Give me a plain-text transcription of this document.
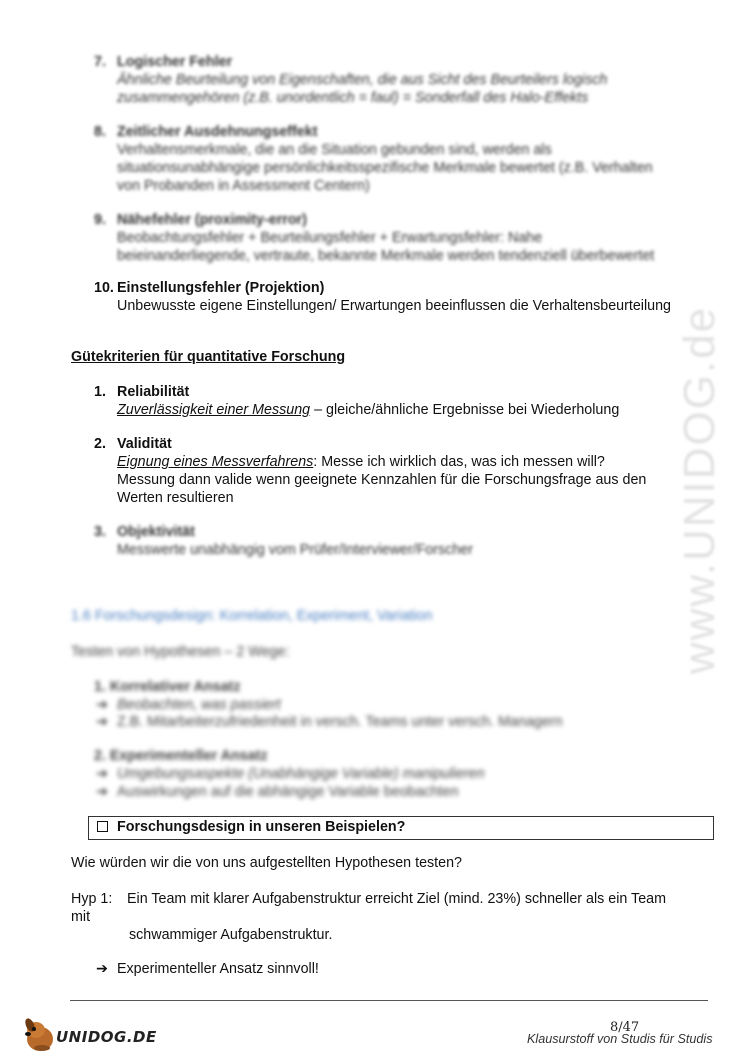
www.UNIDOG.de
7. Logischer Fehler
Ähnliche Beurteilung von Eigenschaften, die aus Sicht des Beurteilers logisch
zusammengehören (z.B. unordentlich = faul) = Sonderfall des Halo-Effekts
8. Zeitlicher Ausdehnungseffekt
Verhaltensmerkmale, die an die Situation gebunden sind, werden als
situationsunabhängige persönlichkeitsspezifische Merkmale bewertet (z.B. Verhalten
von Probanden in Assessment Centern)
9. Nähefehler (proximity-error)
Beobachtungsfehler + Beurteilungsfehler + Erwartungsfehler: Nahe
beieinanderliegende, vertraute, bekannte Merkmale werden tendenziell überbewertet
10. Einstellungsfehler (Projektion)
Unbewusste eigene Einstellungen/ Erwartungen beeinflussen die Verhaltensbeurteilung
Gütekriterien für quantitative Forschung
1. Reliabilität
Zuverlässigkeit einer Messung – gleiche/ähnliche Ergebnisse bei Wiederholung
2. Validität
Eignung eines Messverfahrens: Messe ich wirklich das, was ich messen will?
Messung dann valide wenn geeignete Kennzahlen für die Forschungsfrage aus den
Werten resultieren
3. Objektivität
Messwerte unabhängig vom Prüfer/Interviewer/Forscher
1.6 Forschungsdesign: Korrelation, Experiment, Variation
Testen von Hypothesen – 2 Wege:
1. Korrelativer Ansatz
➔ Beobachten, was passiert
➔ Z.B. Mitarbeiterzufriedenheit in versch. Teams unter versch. Managern
2. Experimenteller Ansatz
➔ Umgebungsaspekte (Unabhängige Variable) manipulieren
➔ Auswirkungen auf die abhängige Variable beobachten
Forschungsdesign in unseren Beispielen?
Wie würden wir die von uns aufgestellten Hypothesen testen?
Hyp 1: Ein Team mit klarer Aufgabenstruktur erreicht Ziel (mind. 23%) schneller als ein Team
mit
schwammiger Aufgabenstruktur.
➔ Experimenteller Ansatz sinnvoll!
UNIDOG.DE
8/47
Klausurstoff von Studis für Studis
